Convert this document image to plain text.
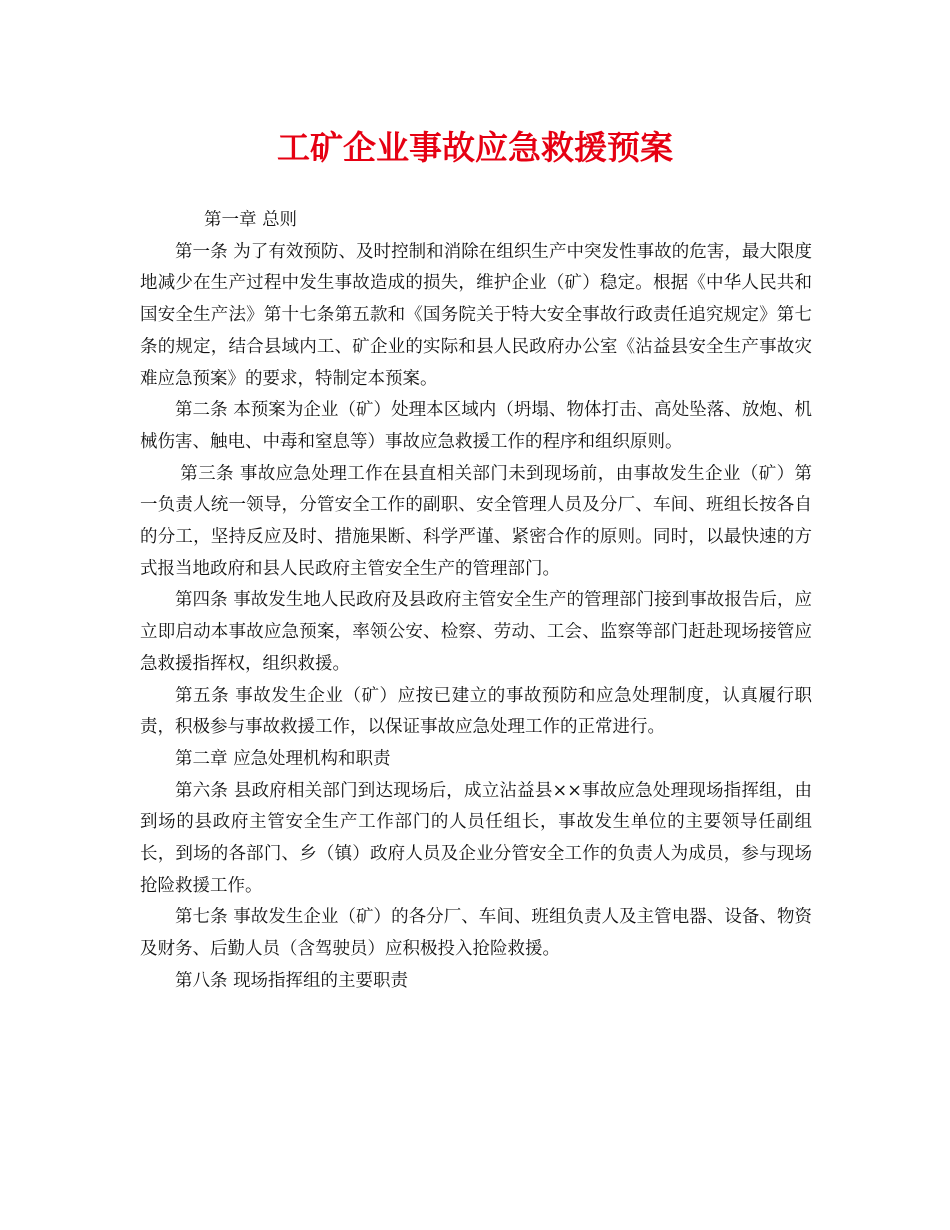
工矿企业事故应急救援预案

第一章 总则

第一条 为了有效预防、及时控制和消除在组织生产中突发性事故的危害，最大限度地减少在生产过程中发生事故造成的损失，维护企业（矿）稳定。根据《中华人民共和国安全生产法》第十七条第五款和《国务院关于特大安全事故行政责任追究规定》第七条的规定，结合县域内工、矿企业的实际和县人民政府办公室《沾益县安全生产事故灾难应急预案》的要求，特制定本预案。

第二条 本预案为企业（矿）处理本区域内（坍塌、物体打击、高处坠落、放炮、机械伤害、触电、中毒和窒息等）事故应急救援工作的程序和组织原则。

第三条 事故应急处理工作在县直相关部门未到现场前，由事故发生企业（矿）第一负责人统一领导，分管安全工作的副职、安全管理人员及分厂、车间、班组长按各自的分工，坚持反应及时、措施果断、科学严谨、紧密合作的原则。同时，以最快速的方式报当地政府和县人民政府主管安全生产的管理部门。

第四条 事故发生地人民政府及县政府主管安全生产的管理部门接到事故报告后，应立即启动本事故应急预案，率领公安、检察、劳动、工会、监察等部门赶赴现场接管应急救援指挥权，组织救援。

第五条 事故发生企业（矿）应按已建立的事故预防和应急处理制度，认真履行职责，积极参与事故救援工作，以保证事故应急处理工作的正常进行。

第二章 应急处理机构和职责

第六条 县政府相关部门到达现场后，成立沾益县××事故应急处理现场指挥组，由到场的县政府主管安全生产工作部门的人员任组长，事故发生单位的主要领导任副组长，到场的各部门、乡（镇）政府人员及企业分管安全工作的负责人为成员，参与现场抢险救援工作。

第七条 事故发生企业（矿）的各分厂、车间、班组负责人及主管电器、设备、物资及财务、后勤人员（含驾驶员）应积极投入抢险救援。

第八条 现场指挥组的主要职责
